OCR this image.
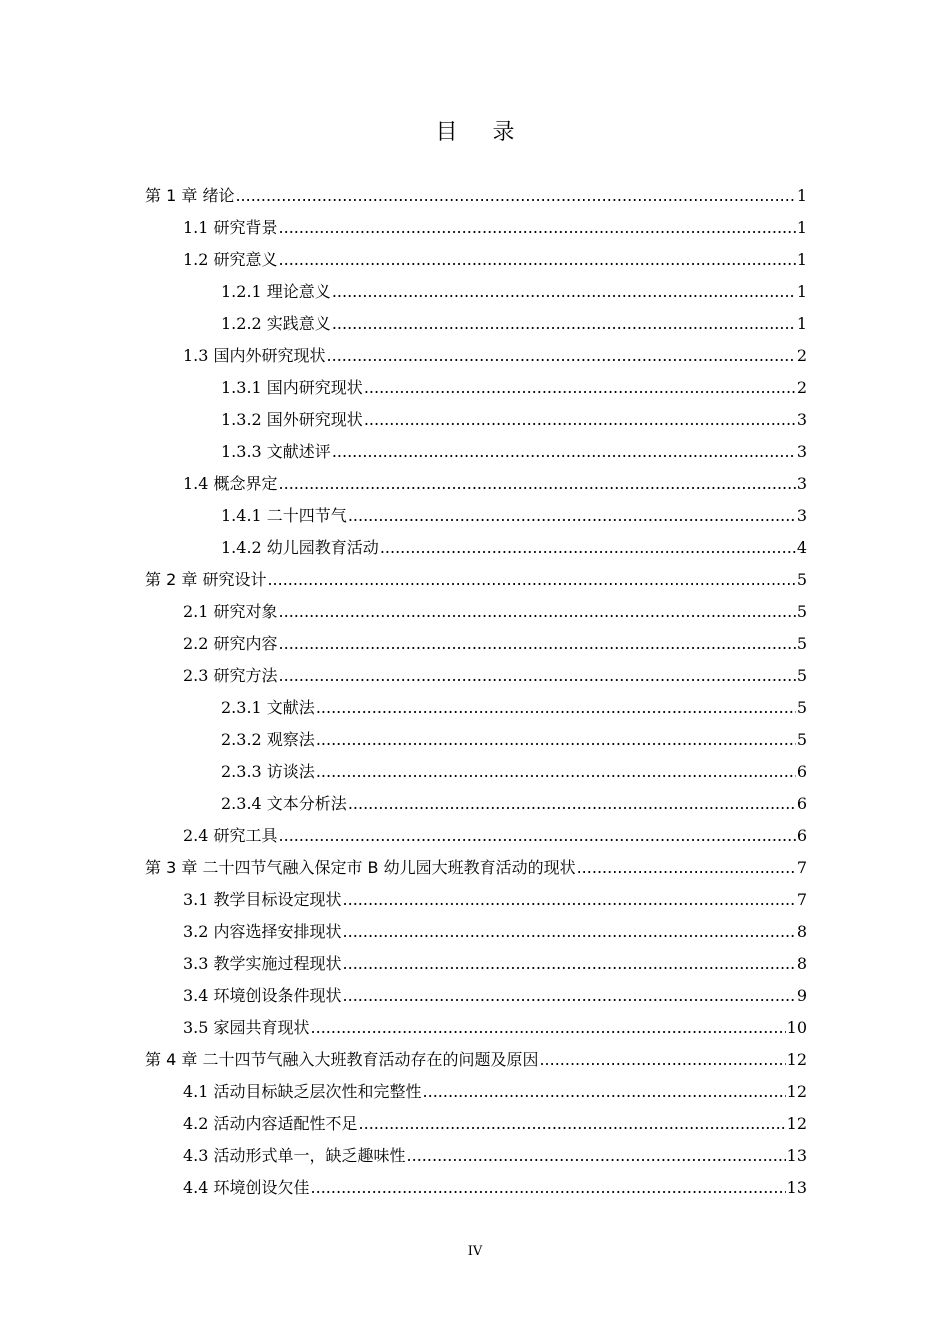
目 录
第 1 章 绪论 .....	1
1.1 研究背景 .....	1
1.2 研究意义 .....	1
1.2.1 理论意义 .....	1
1.2.2 实践意义 .....	1
1.3 国内外研究现状 .....	2
1.3.1 国内研究现状 .....	2
1.3.2 国外研究现状 .....	3
1.3.3 文献述评 .....	3
1.4 概念界定 .....	3
1.4.1 二十四节气 .....	3
1.4.2 幼儿园教育活动 .....	4
第 2 章 研究设计 .....	5
2.1 研究对象 .....	5
2.2 研究内容 .....	5
2.3 研究方法 .....	5
2.3.1 文献法 .....	5
2.3.2 观察法 .....	5
2.3.3 访谈法 .....	6
2.3.4 文本分析法 .....	6
2.4 研究工具 .....	6
第 3 章 二十四节气融入保定市 B 幼儿园大班教育活动的现状 .....	7
3.1 教学目标设定现状 .....	7
3.2 内容选择安排现状 .....	8
3.3 教学实施过程现状 .....	8
3.4 环境创设条件现状 .....	9
3.5 家园共育现状 .....	10
第 4 章 二十四节气融入大班教育活动存在的问题及原因 .....	12
4.1 活动目标缺乏层次性和完整性 .....	12
4.2 活动内容适配性不足 .....	12
4.3 活动形式单一，缺乏趣味性 .....	13
4.4 环境创设欠佳 .....	13
IV
